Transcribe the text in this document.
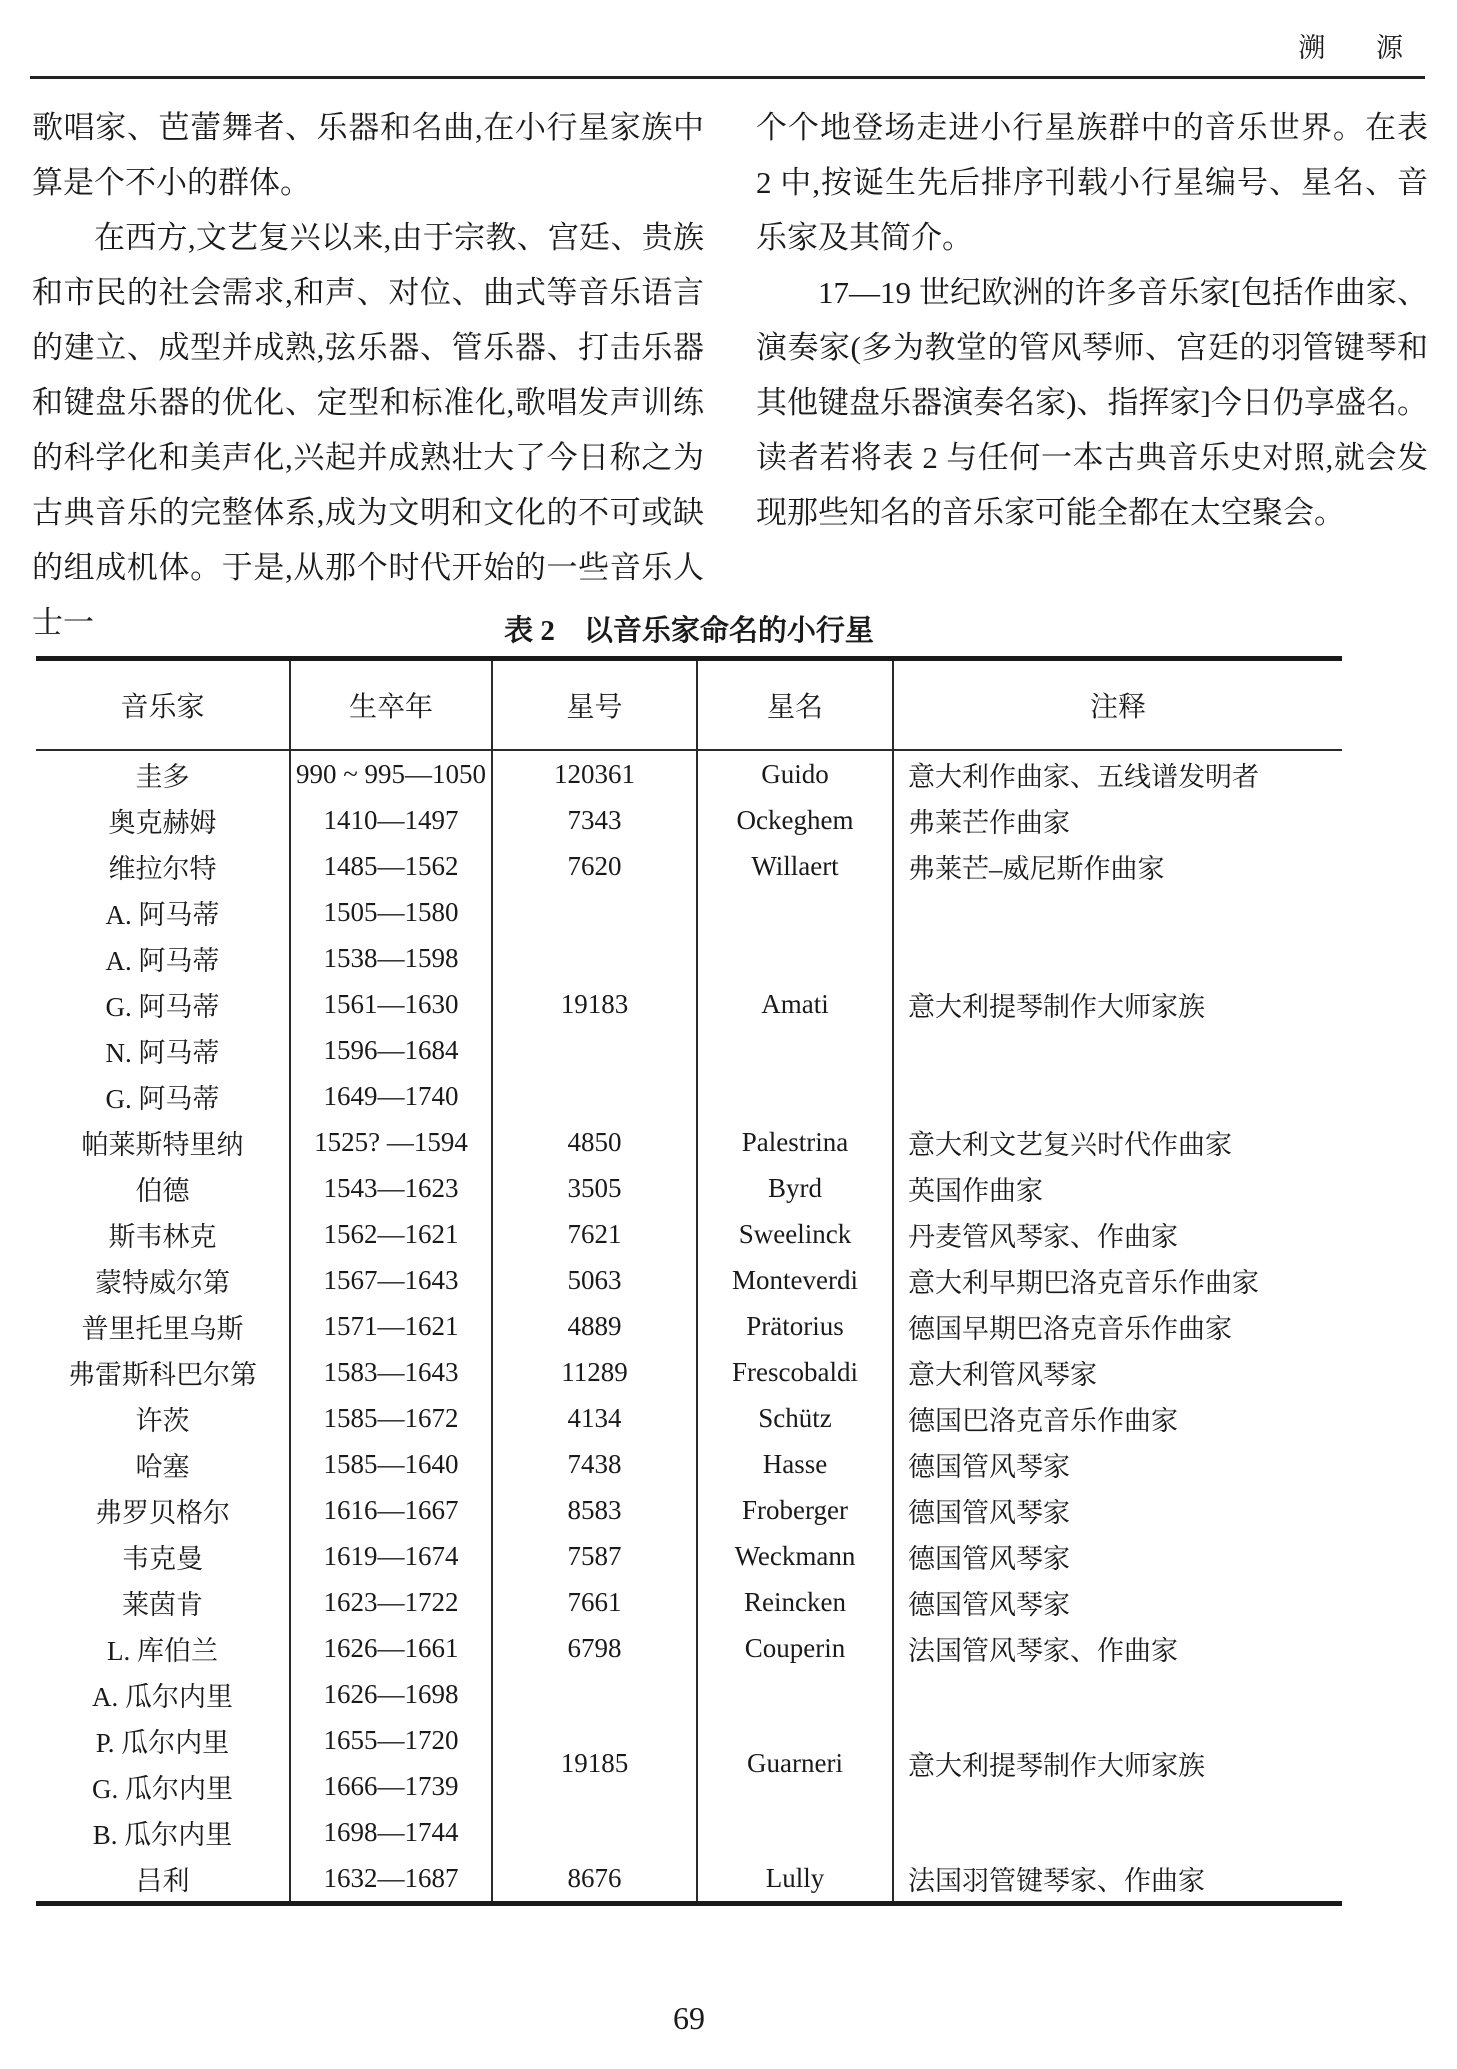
溯 源

歌唱家、芭蕾舞者、乐器和名曲,在小行星家族中算是个不小的群体。

在西方,文艺复兴以来,由于宗教、宫廷、贵族和市民的社会需求,和声、对位、曲式等音乐语言的建立、成型并成熟,弦乐器、管乐器、打击乐器和键盘乐器的优化、定型和标准化,歌唱发声训练的科学化和美声化,兴起并成熟壮大了今日称之为古典音乐的完整体系,成为文明和文化的不可或缺的组成机体。于是,从那个时代开始的一些音乐人士一

个个地登场走进小行星族群中的音乐世界。在表 2 中,按诞生先后排序刊载小行星编号、星名、音乐家及其简介。

17—19 世纪欧洲的许多音乐家[包括作曲家、演奏家(多为教堂的管风琴师、宫廷的羽管键琴和其他键盘乐器演奏名家)、指挥家]今日仍享盛名。读者若将表 2 与任何一本古典音乐史对照,就会发现那些知名的音乐家可能全都在太空聚会。

表 2　以音乐家命名的小行星
音乐家	生卒年	星号	星名	注释
圭多	990 ~ 995—1050	120361	Guido	意大利作曲家、五线谱发明者
奥克赫姆	1410—1497	7343	Ockeghem	弗莱芒作曲家
维拉尔特	1485—1562	7620	Willaert	弗莱芒–威尼斯作曲家
A. 阿马蒂	1505—1580	19183	Amati	意大利提琴制作大师家族
A. 阿马蒂	1538—1598			
G. 阿马蒂	1561—1630			
N. 阿马蒂	1596—1684			
G. 阿马蒂	1649—1740			
帕莱斯特里纳	1525? —1594	4850	Palestrina	意大利文艺复兴时代作曲家
伯德	1543—1623	3505	Byrd	英国作曲家
斯韦林克	1562—1621	7621	Sweelinck	丹麦管风琴家、作曲家
蒙特威尔第	1567—1643	5063	Monteverdi	意大利早期巴洛克音乐作曲家
普里托里乌斯	1571—1621	4889	Prätorius	德国早期巴洛克音乐作曲家
弗雷斯科巴尔第	1583—1643	11289	Frescobaldi	意大利管风琴家
许茨	1585—1672	4134	Schütz	德国巴洛克音乐作曲家
哈塞	1585—1640	7438	Hasse	德国管风琴家
弗罗贝格尔	1616—1667	8583	Froberger	德国管风琴家
韦克曼	1619—1674	7587	Weckmann	德国管风琴家
莱茵肯	1623—1722	7661	Reincken	德国管风琴家
L. 库伯兰	1626—1661	6798	Couperin	法国管风琴家、作曲家
A. 瓜尔内里	1626—1698	19185	Guarneri	意大利提琴制作大师家族
P. 瓜尔内里	1655—1720			
G. 瓜尔内里	1666—1739			
B. 瓜尔内里	1698—1744			
吕利	1632—1687	8676	Lully	法国羽管键琴家、作曲家
69
